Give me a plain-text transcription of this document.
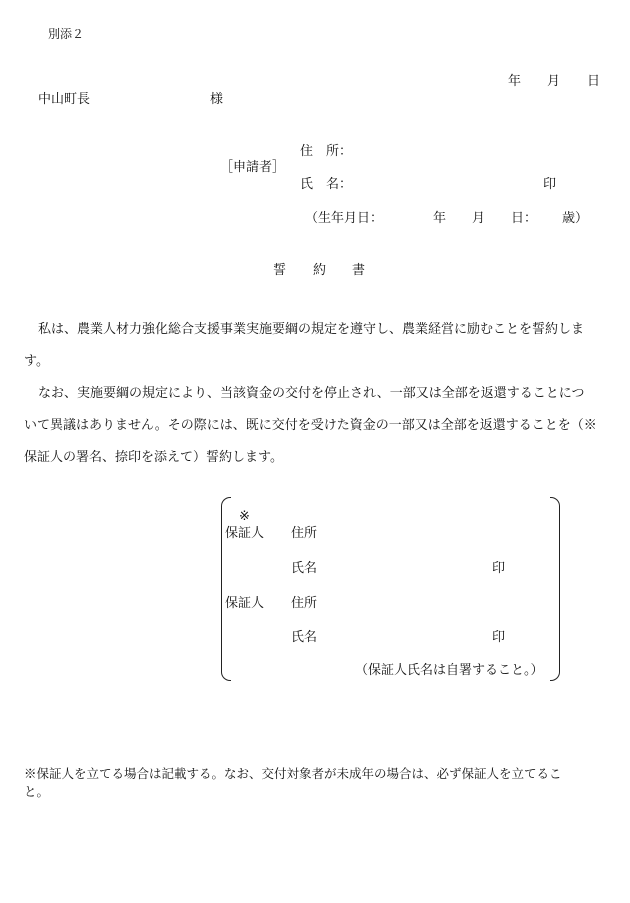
別添２
年 月 日
中山町長	様
住　所：
［申請者］
氏　名：	印
（生年月日：	年 月 日： 歳）
誓 約 書
私は、農業人材力強化総合支援事業実施要綱の規定を遵守し、農業経営に励むことを誓約しま
す。
なお、実施要綱の規定により、当該資金の交付を停止され、一部又は全部を返還することにつ
いて異議はありません。その際には、既に交付を受けた資金の一部又は全部を返還することを（※
保証人の署名、捺印を添えて）誓約します。
※
保証人 住所
氏名	印
保証人 住所
氏名	印
（保証人氏名は自署すること。）
※保証人を立てる場合は記載する。なお、交付対象者が未成年の場合は、必ず保証人を立てるこ
と。
